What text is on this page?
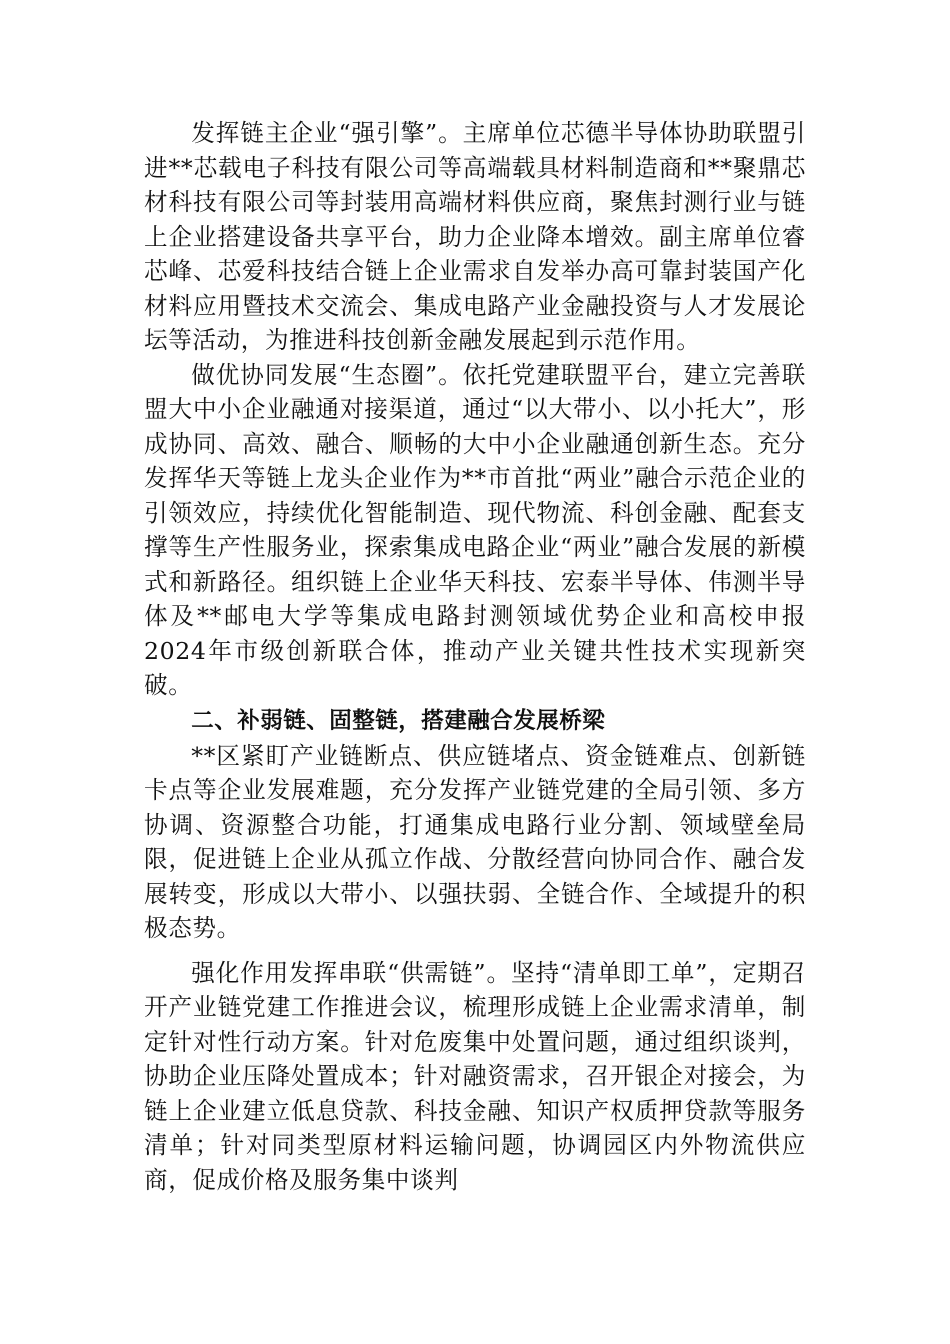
发挥链主企业“强引擎”。主席单位芯德半导体协助联盟引进**芯载电子科技有限公司等高端载具材料制造商和**聚鼎芯材科技有限公司等封装用高端材料供应商，聚焦封测行业与链上企业搭建设备共享平台，助力企业降本增效。副主席单位睿芯峰、芯爱科技结合链上企业需求自发举办高可靠封装国产化材料应用暨技术交流会、集成电路产业金融投资与人才发展论坛等活动，为推进科技创新金融发展起到示范作用。

做优协同发展“生态圈”。依托党建联盟平台，建立完善联盟大中小企业融通对接渠道，通过“以大带小、以小托大”，形成协同、高效、融合、顺畅的大中小企业融通创新生态。充分发挥华天等链上龙头企业作为**市首批“两业”融合示范企业的引领效应，持续优化智能制造、现代物流、科创金融、配套支撑等生产性服务业，探索集成电路企业“两业”融合发展的新模式和新路径。组织链上企业华天科技、宏泰半导体、伟测半导体及**邮电大学等集成电路封测领域优势企业和高校申报2024年市级创新联合体，推动产业关键共性技术实现新突破。

二、补弱链、固整链，搭建融合发展桥梁

**区紧盯产业链断点、供应链堵点、资金链难点、创新链卡点等企业发展难题，充分发挥产业链党建的全局引领、多方协调、资源整合功能，打通集成电路行业分割、领域壁垒局限，促进链上企业从孤立作战、分散经营向协同合作、融合发展转变，形成以大带小、以强扶弱、全链合作、全域提升的积极态势。

强化作用发挥串联“供需链”。坚持“清单即工单”，定期召开产业链党建工作推进会议，梳理形成链上企业需求清单，制定针对性行动方案。针对危废集中处置问题，通过组织谈判，协助企业压降处置成本；针对融资需求，召开银企对接会，为链上企业建立低息贷款、科技金融、知识产权质押贷款等服务清单；针对同类型原材料运输问题，协调园区内外物流供应商，促成价格及服务集中谈判
